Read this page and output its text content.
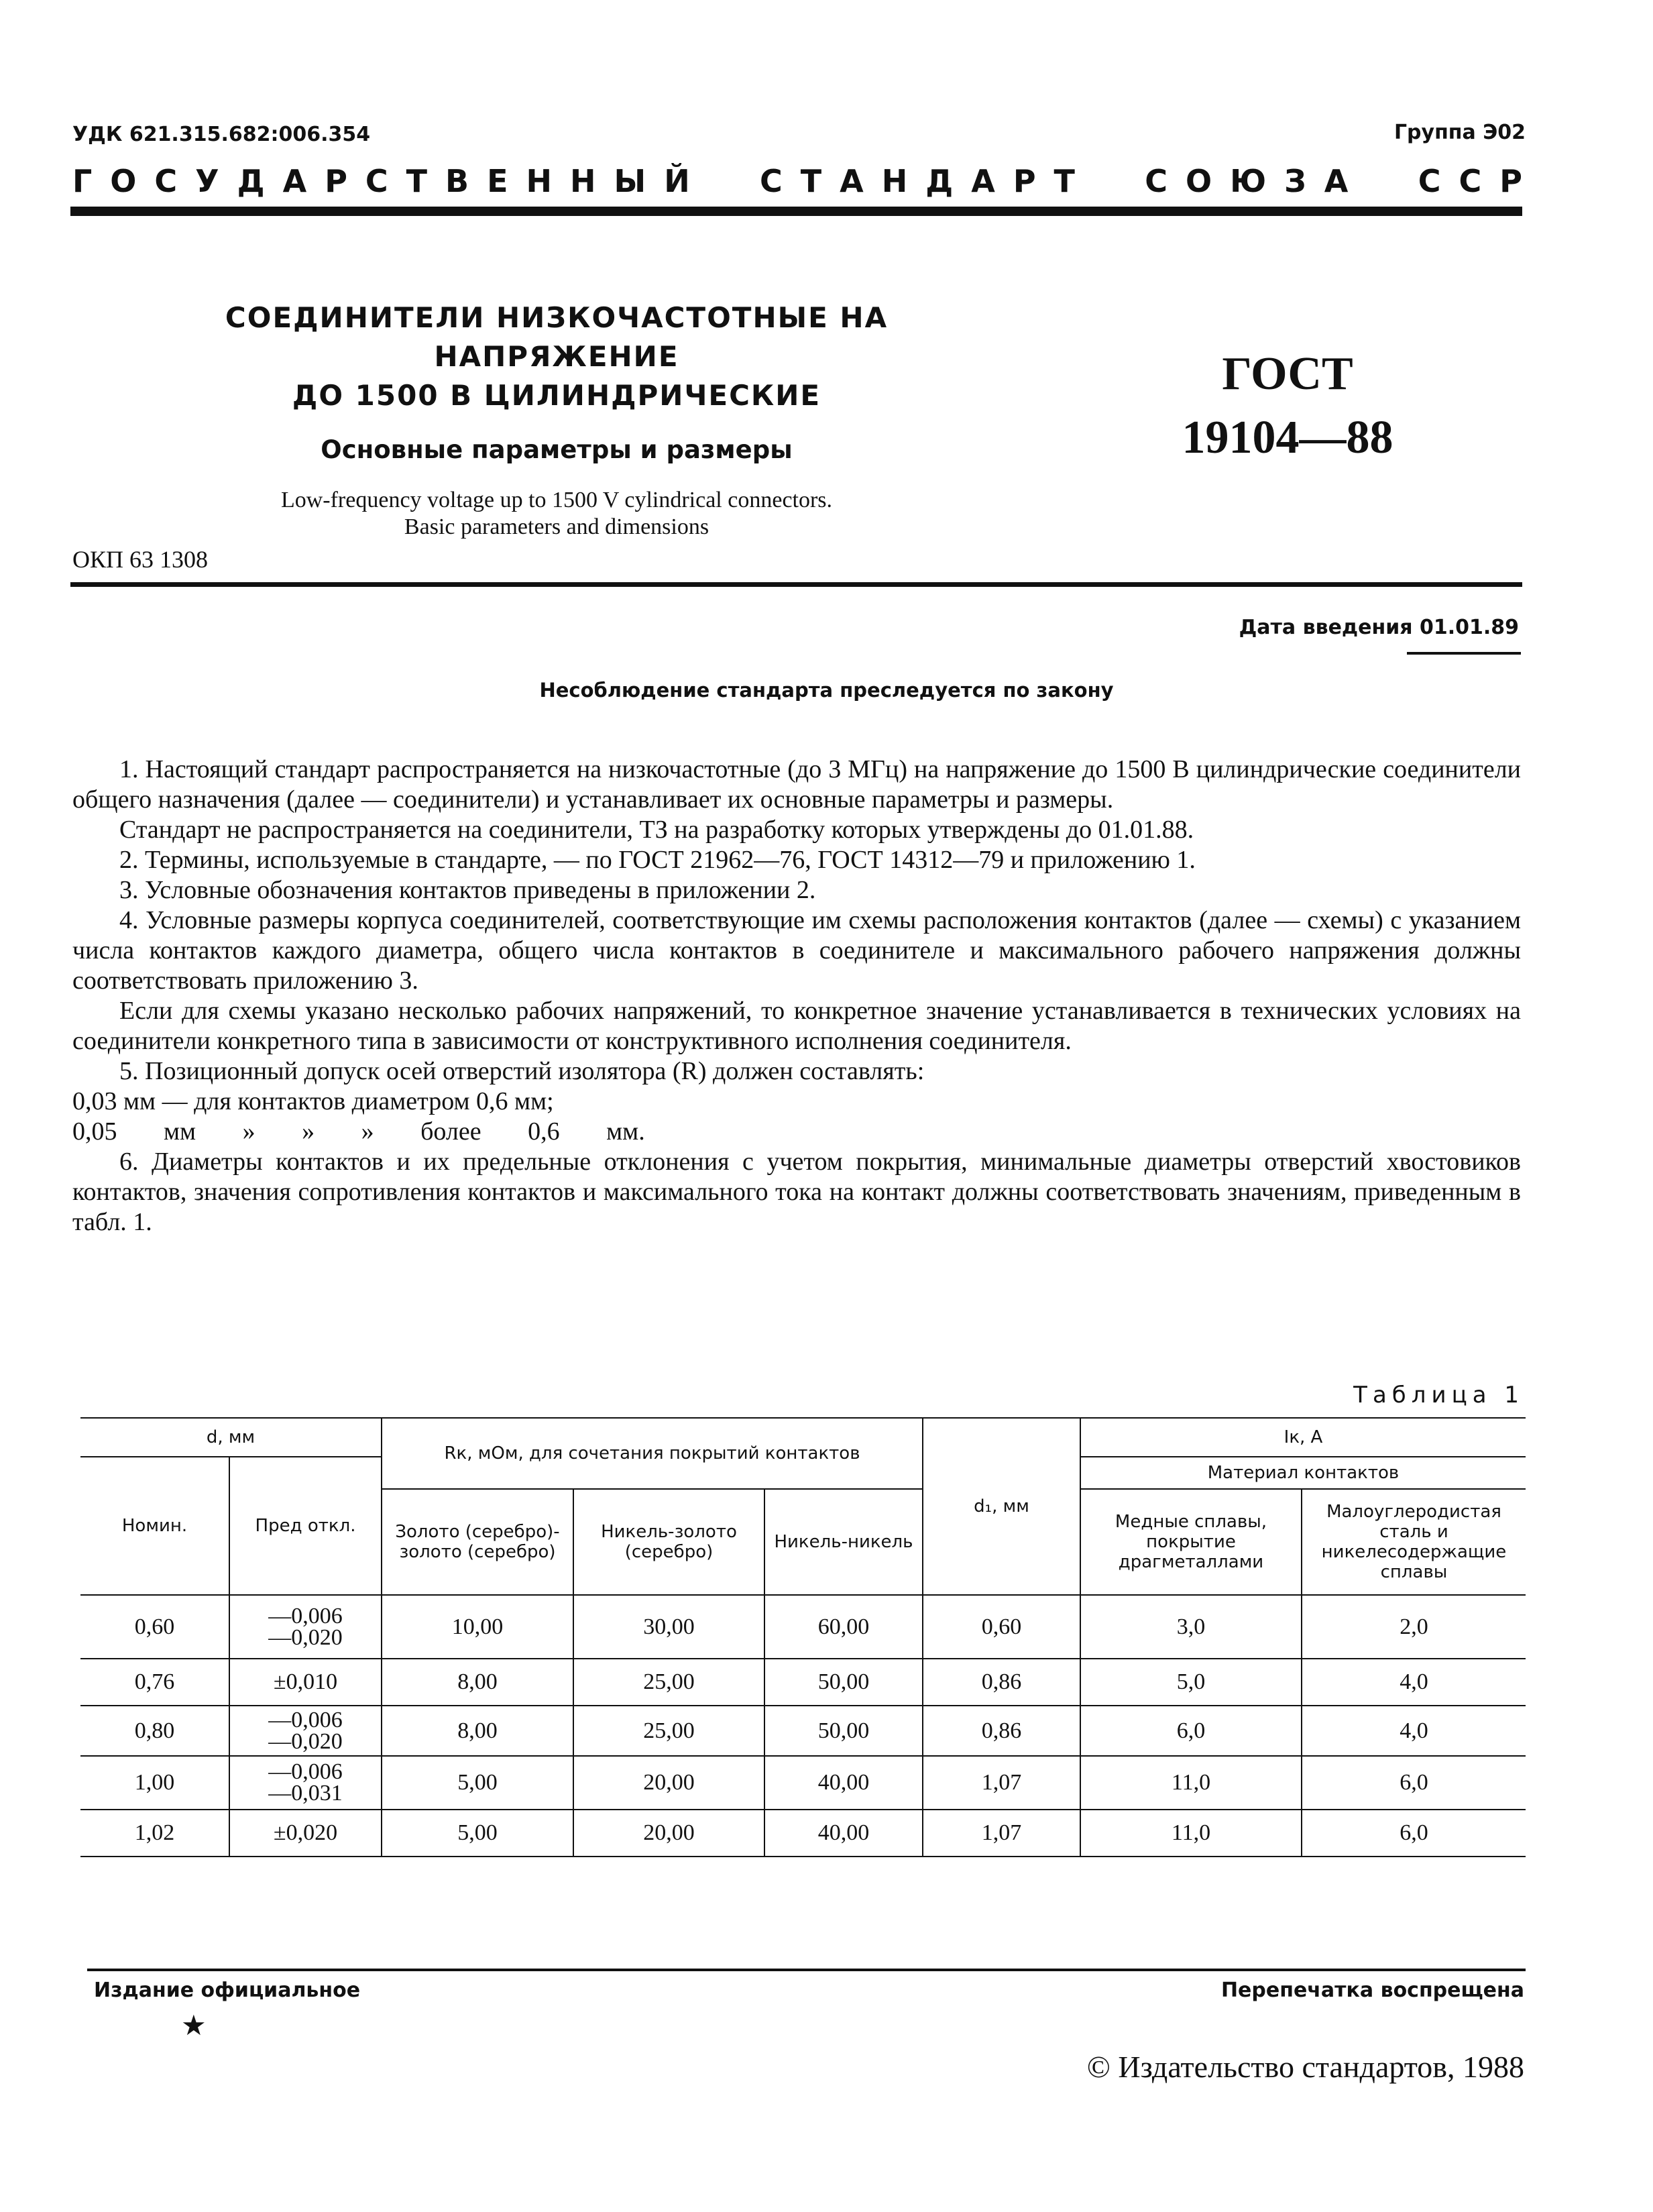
УДК 621.315.682:006.354	Группа Э02
ГОСУДАРСТВЕННЫЙ СТАНДАРТ СОЮЗА ССР
СОЕДИНИТЕЛИ НИЗКОЧАСТОТНЫЕ НА НАПРЯЖЕНИЕ
ДО 1500 В ЦИЛИНДРИЧЕСКИЕ
Основные параметры и размеры
Low-frequency voltage up to 1500 V cylindrical connectors.
Basic parameters and dimensions
ГОСТ
19104—88
ОКП 63 1308
Дата введения 01.01.89
Несоблюдение стандарта преследуется по закону

1. Настоящий стандарт распространяется на низкочастотные (до 3 МГц) на напряжение до 1500 В цилиндрические соединители общего назначения (далее — соединители) и устанавливает их основные параметры и размеры.

Стандарт не распространяется на соединители, ТЗ на разработку которых утверждены до 01.01.88.

2. Термины, используемые в стандарте, — по ГОСТ 21962—76, ГОСТ 14312—79 и приложению 1.

3. Условные обозначения контактов приведены в приложении 2.

4. Условные размеры корпуса соединителей, соответствующие им схемы расположения контактов (далее — схемы) с указанием числа контактов каждого диаметра, общего числа контактов в соединителе и максимального рабочего напряжения должны соответствовать приложению 3.

Если для схемы указано несколько рабочих напряжений, то конкретное значение устанавливается в технических условиях на соединители конкретного типа в зависимости от конструктивного исполнения соединителя.

5. Позиционный допуск осей отверстий изолятора (R) должен составлять:

0,03 мм — для контактов диаметром 0,6 мм;

0,05 мм » » » более 0,6 мм.

6. Диаметры контактов и их предельные отклонения с учетом покрытия, минимальные диаметры отверстий хвостовиков контактов, значения сопротивления контактов и максимального тока на контакт должны соответствовать значениям, приведенным в табл. 1.

Таблица 1
d, мм		Rк, мОм, для сочетания покрытий контактов			d₁, мм	Iк, А	
Номин.	Пред откл.					Материал контактов	
		Золото (серебро)-золото (серебро)	Никель-золото (серебро)	Никель-никель		Медные сплавы, покрытие драгметаллами	Малоуглеродистая сталь и никелесодержащие сплавы
0,60	—0,006
—0,020	10,00	30,00	60,00	0,60	3,0	2,0
0,76	±0,010	8,00	25,00	50,00	0,86	5,0	4,0
0,80	—0,006
—0,020	8,00	25,00	50,00	0,86	6,0	4,0
1,00	—0,006
—0,031	5,00	20,00	40,00	1,07	11,0	6,0
1,02	±0,020	5,00	20,00	40,00	1,07	11,0	6,0
Издание официальное
★
Перепечатка воспрещена
© Издательство стандартов, 1988
